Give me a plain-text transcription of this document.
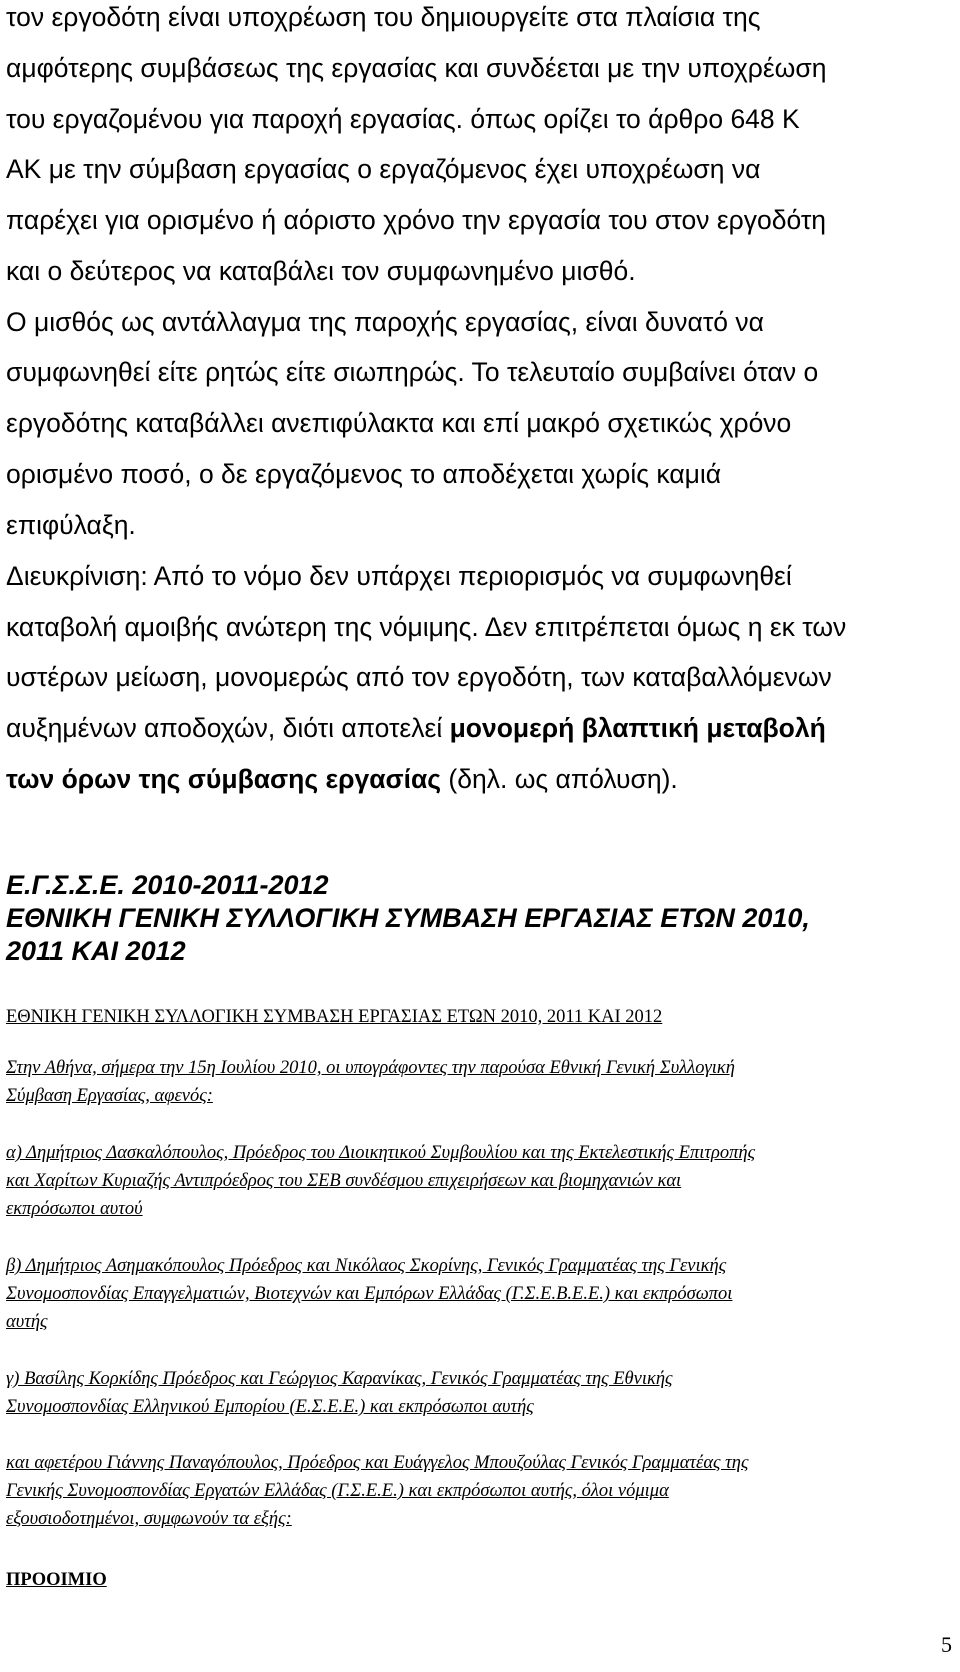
τον εργοδότη είναι υποχρέωση του δημιουργείτε στα πλαίσια της
αμφότερης συμβάσεως της εργασίας και συνδέεται με την υποχρέωση
του εργαζομένου για παροχή εργασίας. όπως ορίζει το άρθρο 648 Κ
ΑΚ με την σύμβαση εργασίας ο εργαζόμενος έχει υποχρέωση να
παρέχει για ορισμένο ή αόριστο χρόνο την εργασία του στον εργοδότη
και ο δεύτερος να καταβάλει τον συμφωνημένο μισθό.
Ο μισθός ως αντάλλαγμα της παροχής εργασίας, είναι δυνατό να
συμφωνηθεί είτε ρητώς είτε σιωπηρώς. Το τελευταίο συμβαίνει όταν ο
εργοδότης καταβάλλει ανεπιφύλακτα και επί μακρό σχετικώς χρόνο
ορισμένο ποσό, ο δε εργαζόμενος το αποδέχεται χωρίς καμιά
επιφύλαξη.
Διευκρίνιση: Από το νόμο δεν υπάρχει περιορισμός να συμφωνηθεί
καταβολή αμοιβής ανώτερη της νόμιμης. Δεν επιτρέπεται όμως η εκ των
υστέρων μείωση, μονομερώς από τον εργοδότη, των καταβαλλόμενων
αυξημένων αποδοχών, διότι αποτελεί μονομερή βλαπτική μεταβολή
των όρων της σύμβασης εργασίας (δηλ. ως απόλυση).
Ε.Γ.Σ.Σ.Ε. 2010-2011-2012
ΕΘΝΙΚΗ ΓΕΝΙΚΗ ΣΥΛΛΟΓΙΚΗ ΣΥΜΒΑΣΗ ΕΡΓΑΣΙΑΣ ΕΤΩΝ 2010,
2011 ΚΑΙ 2012
ΕΘΝΙΚΗ ΓΕΝΙΚΗ ΣΥΛΛΟΓΙΚΗ ΣΥΜΒΑΣΗ ΕΡΓΑΣΙΑΣ ΕΤΩΝ 2010, 2011 ΚΑΙ 2012
Στην Αθήνα, σήμερα την 15η Ιουλίου 2010, οι υπογράφοντες την παρούσα Εθνική Γενική Συλλογική
Σύμβαση Εργασίας, αφενός:
α) Δημήτριος Δασκαλόπουλος, Πρόεδρος του Διοικητικού Συμβουλίου και της Εκτελεστικής Επιτροπής
και Χαρίτων Κυριαζής Αντιπρόεδρος του ΣΕΒ συνδέσμου επιχειρήσεων και βιομηχανιών και
εκπρόσωποι αυτού
β) Δημήτριος Ασημακόπουλος Πρόεδρος και Νικόλαος Σκορίνης, Γενικός Γραμματέας της Γενικής
Συνομοσπονδίας Επαγγελματιών, Βιοτεχνών και Εμπόρων Ελλάδας (Γ.Σ.Ε.Β.Ε.Ε.) και εκπρόσωποι
αυτής
γ) Βασίλης Κορκίδης Πρόεδρος και Γεώργιος Καρανίκας, Γενικός Γραμματέας της Εθνικής
Συνομοσπονδίας Ελληνικού Εμπορίου (Ε.Σ.Ε.Ε.) και εκπρόσωποι αυτής
και αφετέρου Γιάννης Παναγόπουλος, Πρόεδρος και Ευάγγελος Μπουζούλας Γενικός Γραμματέας της
Γενικής Συνομοσπονδίας Εργατών Ελλάδας (Γ.Σ.Ε.Ε.) και εκπρόσωποι αυτής, όλοι νόμιμα
εξουσιοδοτημένοι, συμφωνούν τα εξής:
ΠΡΟΟΙΜΙΟ
5
